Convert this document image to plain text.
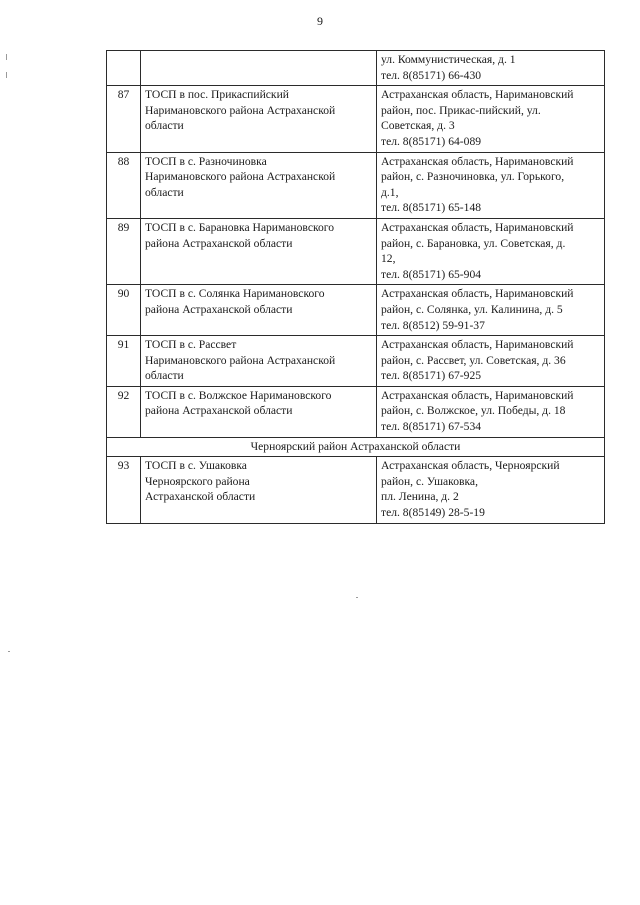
9

		ул. Коммунистическая, д. 1
тел. 8(85171) 66-430

87	ТОСП в пос. Прикаспийский
Наримановского района Астраханской
области	Астраханская область, Наримановский
район, пос. Прикас-пийский, ул.
Советская, д. 3
тел. 8(85171) 64-089

88	ТОСП в с. Разночиновка
Наримановского района Астраханской
области	Астраханская область, Наримановский
район, с. Разночиновка, ул. Горького,
д.1,
тел. 8(85171) 65-148

89	ТОСП в с. Барановка Наримановского
района Астраханской области	Астраханская область, Наримановский
район, с. Барановка, ул. Советская, д.
12,
тел. 8(85171) 65-904

90	ТОСП в с. Солянка Наримановского
района Астраханской области	Астраханская область, Наримановский
район, с. Солянка, ул. Калинина, д. 5
тел. 8(8512) 59-91-37

91	ТОСП в с. Рассвет
Наримановского района Астраханской
области	Астраханская область, Наримановский
район, с. Рассвет, ул. Советская, д. 36
тел. 8(85171) 67-925

92	ТОСП в с. Волжское Наримановского
района Астраханской области	Астраханская область, Наримановский
район, с. Волжское, ул. Победы, д. 18
тел. 8(85171) 67-534

Черноярский район Астраханской области		
93	ТОСП в с. Ушаковка
Черноярского района
Астраханской области	Астраханская область, Черноярский
район, с. Ушаковка,
пл. Ленина, д. 2
тел. 8(85149) 28-5-19
